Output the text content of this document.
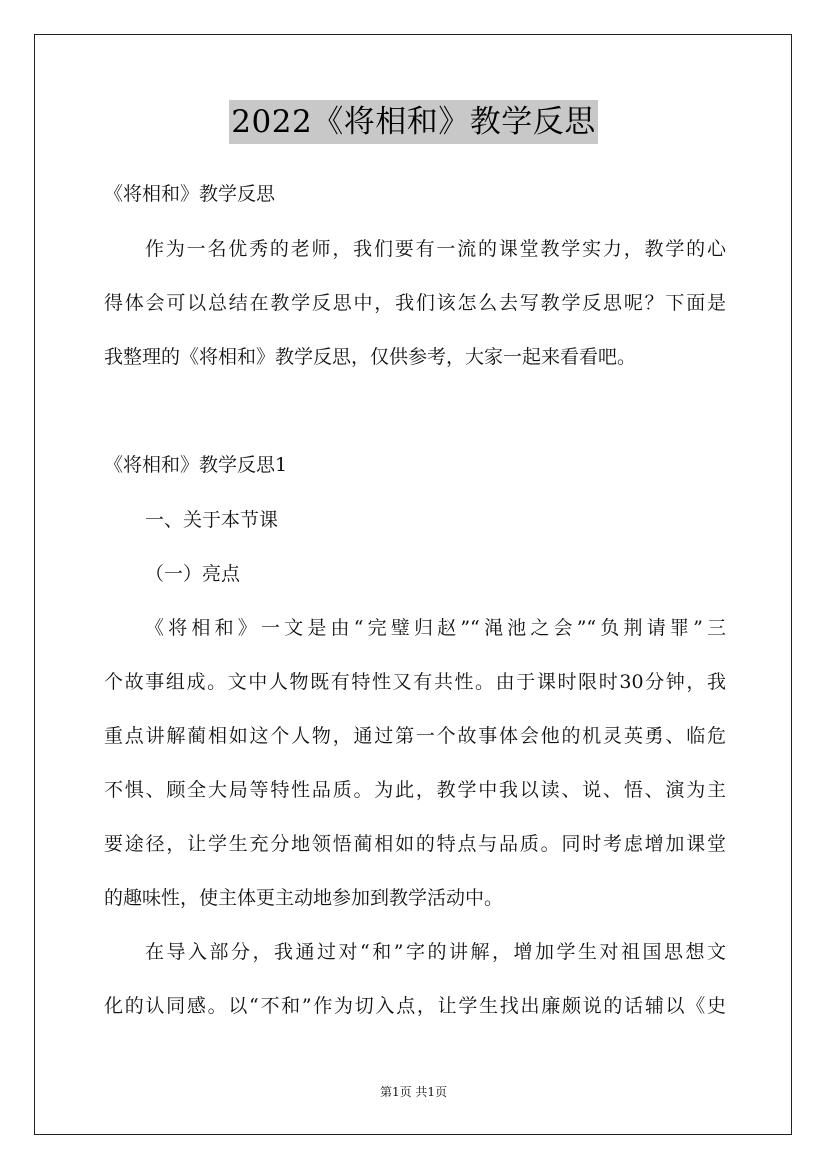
2022《将相和》教学反思
《将相和》教学反思
作为一名优秀的老师，我们要有一流的课堂教学实力，教学的心
得体会可以总结在教学反思中，我们该怎么去写教学反思呢？下面是
我整理的《将相和》教学反思，仅供参考，大家一起来看看吧。
《将相和》教学反思1
一、关于本节课
（一）亮点
《将相和》一文是由“完璧归赵”“渑池之会”“负荆请罪”三
个故事组成。文中人物既有特性又有共性。由于课时限时30分钟，我
重点讲解蔺相如这个人物，通过第一个故事体会他的机灵英勇、临危
不惧、顾全大局等特性品质。为此，教学中我以读、说、悟、演为主
要途径，让学生充分地领悟蔺相如的特点与品质。同时考虑增加课堂
的趣味性，使主体更主动地参加到教学活动中。
在导入部分，我通过对“和”字的讲解，增加学生对祖国思想文
化的认同感。以“不和”作为切入点，让学生找出廉颇说的话辅以《史
第1页 共1页
